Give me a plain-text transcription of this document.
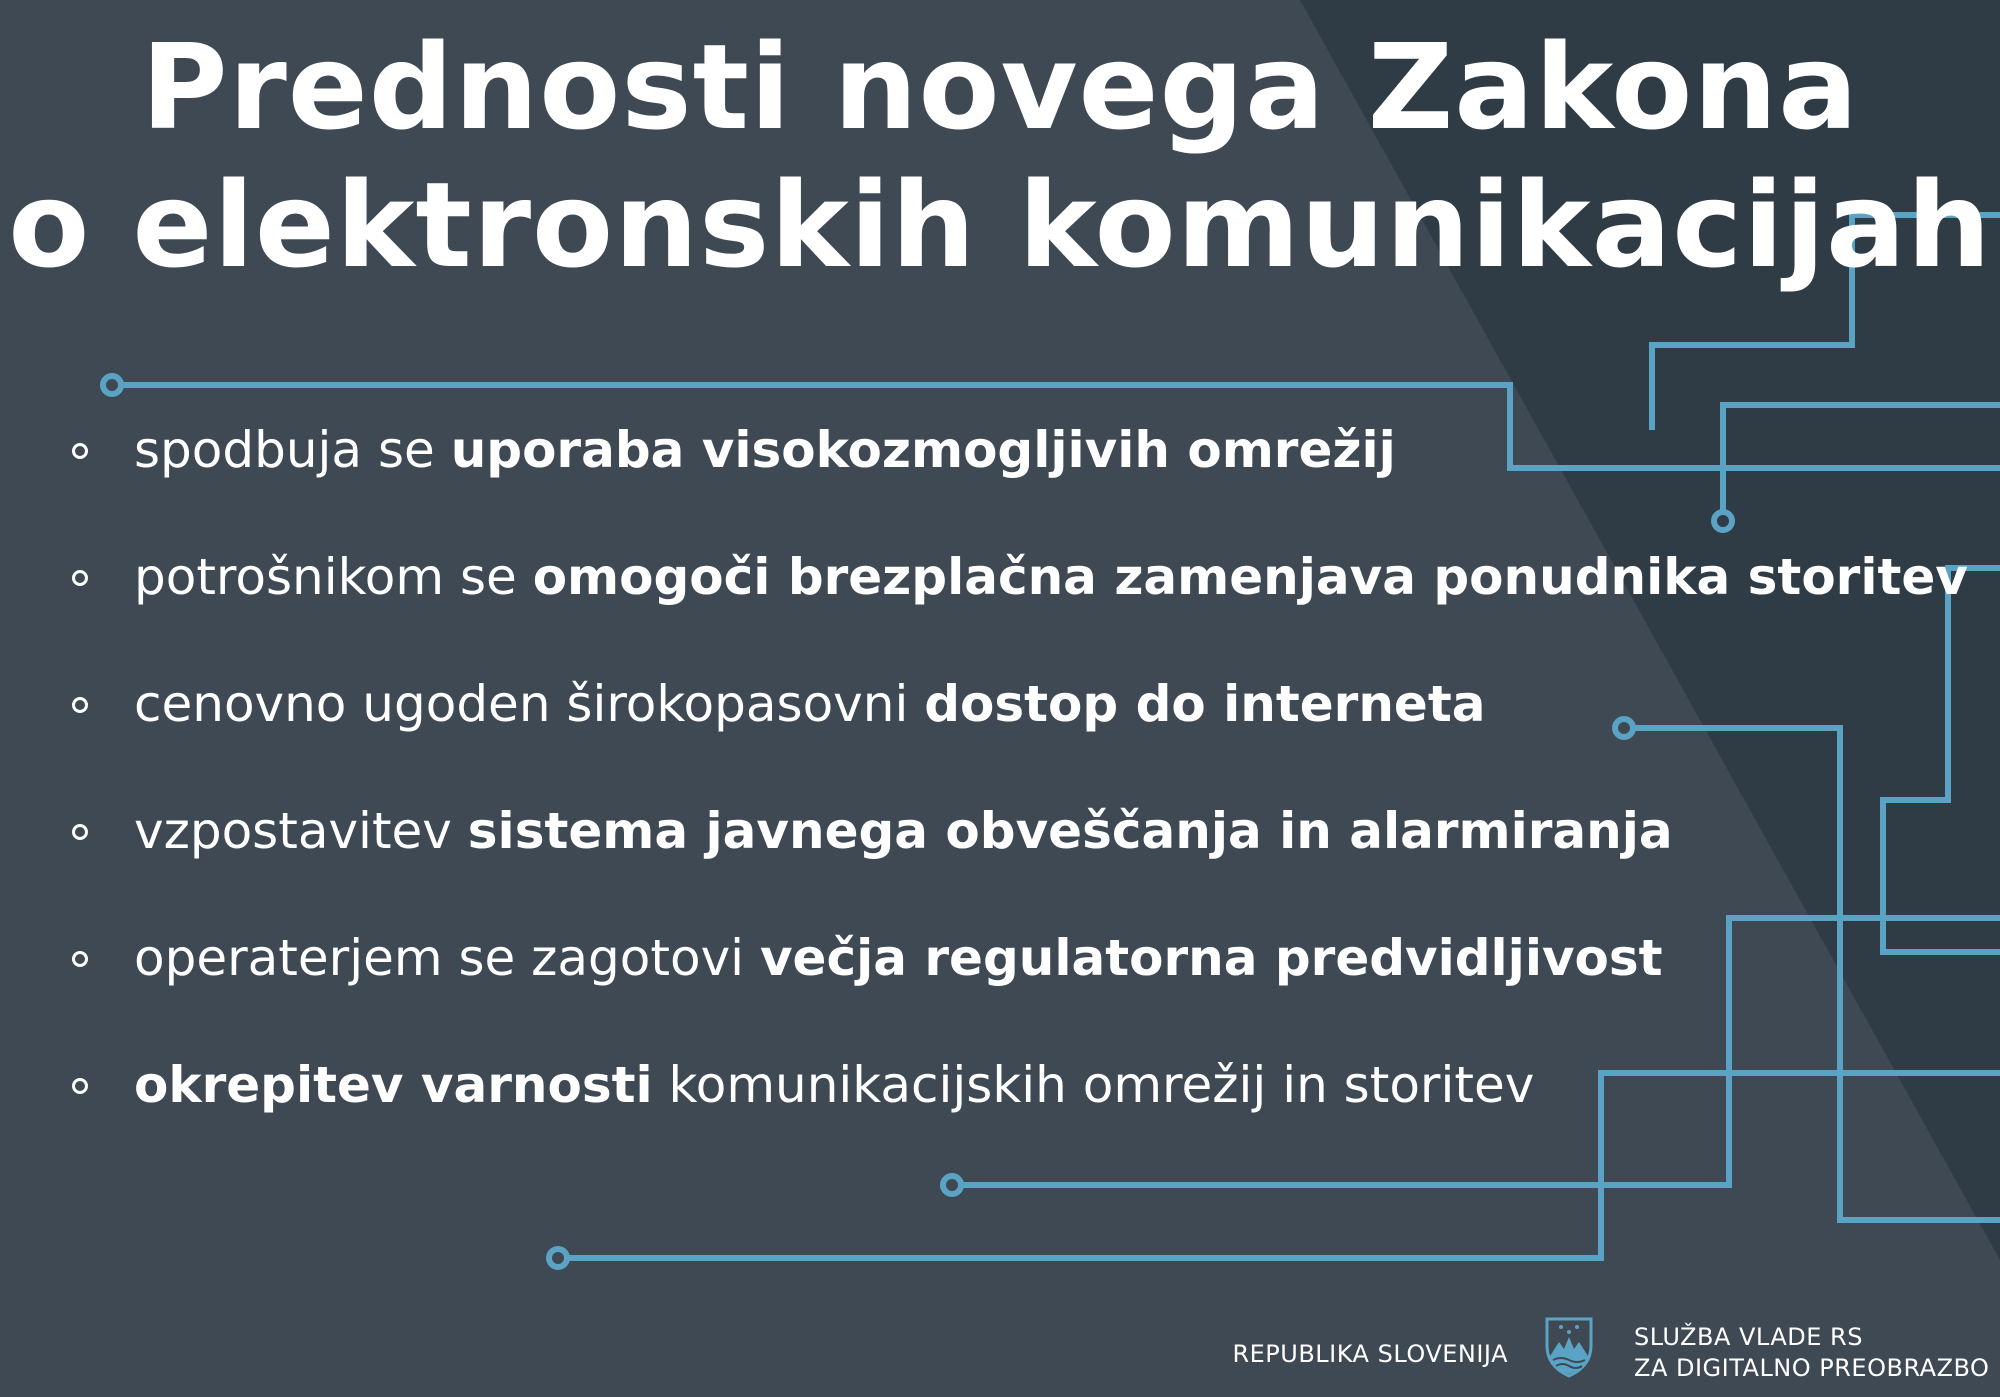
Prednosti novega Zakona
o elektronskih komunikacijah
spodbuja se uporaba visokozmogljivih omrežij
potrošnikom se omogoči brezplačna zamenjava ponudnika storitev
cenovno ugoden širokopasovni dostop do interneta
vzpostavitev sistema javnega obveščanja in alarmiranja
operaterjem se zagotovi večja regulatorna predvidljivost
okrepitev varnosti komunikacijskih omrežij in storitev
REPUBLIKA SLOVENIJA
SLUŽBA VLADE RS
ZA DIGITALNO PREOBRAZBO
